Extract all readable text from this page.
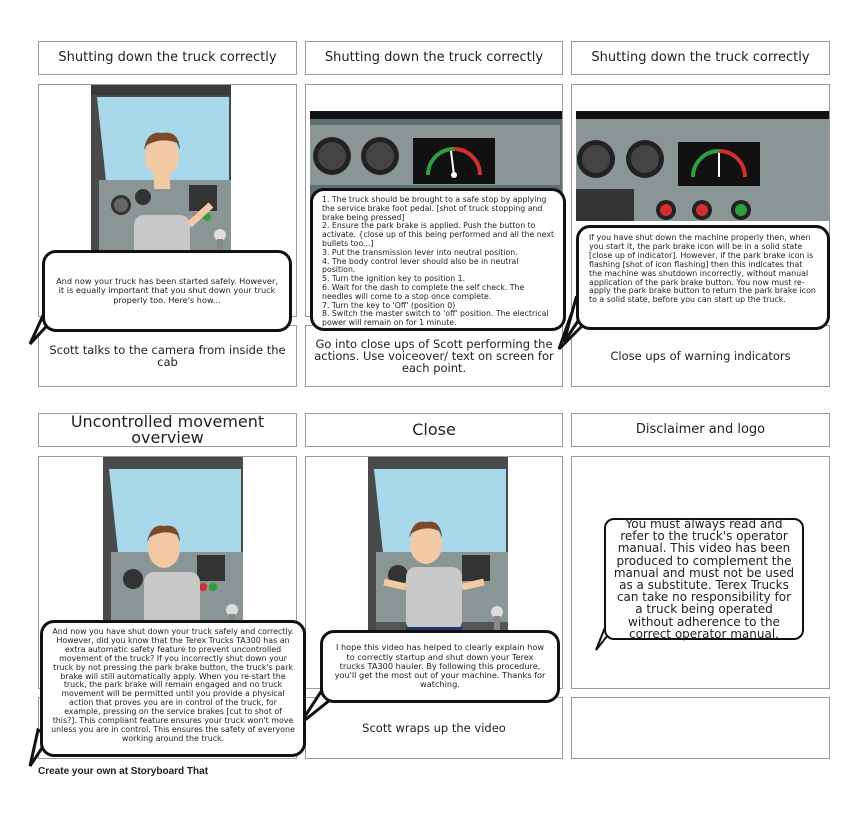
Shutting down the truck correctly	Shutting down the truck correctly	Shutting down the truck correctly
Scott talks to the camera from inside the cab
Go into close ups of Scott performing the actions. Use voiceover/ text on screen for each point.
Close ups of warning indicators
And now your truck has been started safely. However, it is equally important that you shut down your truck properly too. Here's how...
1. The truck should be brought to a safe stop by applying the service brake foot pedal. [shot of truck stopping and brake being pressed]
2. Ensure the park brake is applied. Push the button to activate. {close up of this being performed and all the next bullets too...]
3. Put the transmission lever into neutral position.
4. The body control lever should also be in neutral position.
5. Turn the ignition key to position 1.
6. Wait for the dash to complete the self check. The needles will come to a stop once complete.
7. Turn the key to 'Off' (position 0)
8. Switch the master switch to 'off' position. The electrical power will remain on for 1 minute.
If you have shut down the machine properly then, when you start it, the park brake icon will be in a solid state [close up of indicator]. However, if the park brake icon is flashing [shot of icon flashing] then this indicates that the machine was shutdown incorrectly, without manual application of the park brake button. You now must re-apply the park brake button to return the park brake icon to a solid state, before you can start up the truck.
Uncontrolled movement overview	Close	Disclaimer and logo
Scott wraps up the video
And now you have shut down your truck safely and correctly. However, did you know that the Terex Trucks TA300 has an extra automatic safety feature to prevent uncontrolled movement of the truck? If you incorrectly shut down your truck by not pressing the park brake button, the truck's park brake will still automatically apply. When you re-start the truck, the park brake will remain engaged and no truck movement will be permitted until you provide a physical action that proves you are in control of the truck, for example, pressing on the service brakes [cut to shot of this?]. This compliant feature ensures your truck won't move unless you are in control. This ensures the safety of everyone working around the truck.
I hope this video has helped to clearly explain how to correctly startup and shut down your Terex trucks TA300 hauler. By following this procedure, you'll get the most out of your machine. Thanks for watching.
You must always read and refer to the truck's operator manual. This video has been produced to complement the manual and must not be used as a substitute. Terex Trucks can take no responsibility for a truck being operated without adherence to the correct operator manual.
Create your own at Storyboard That
